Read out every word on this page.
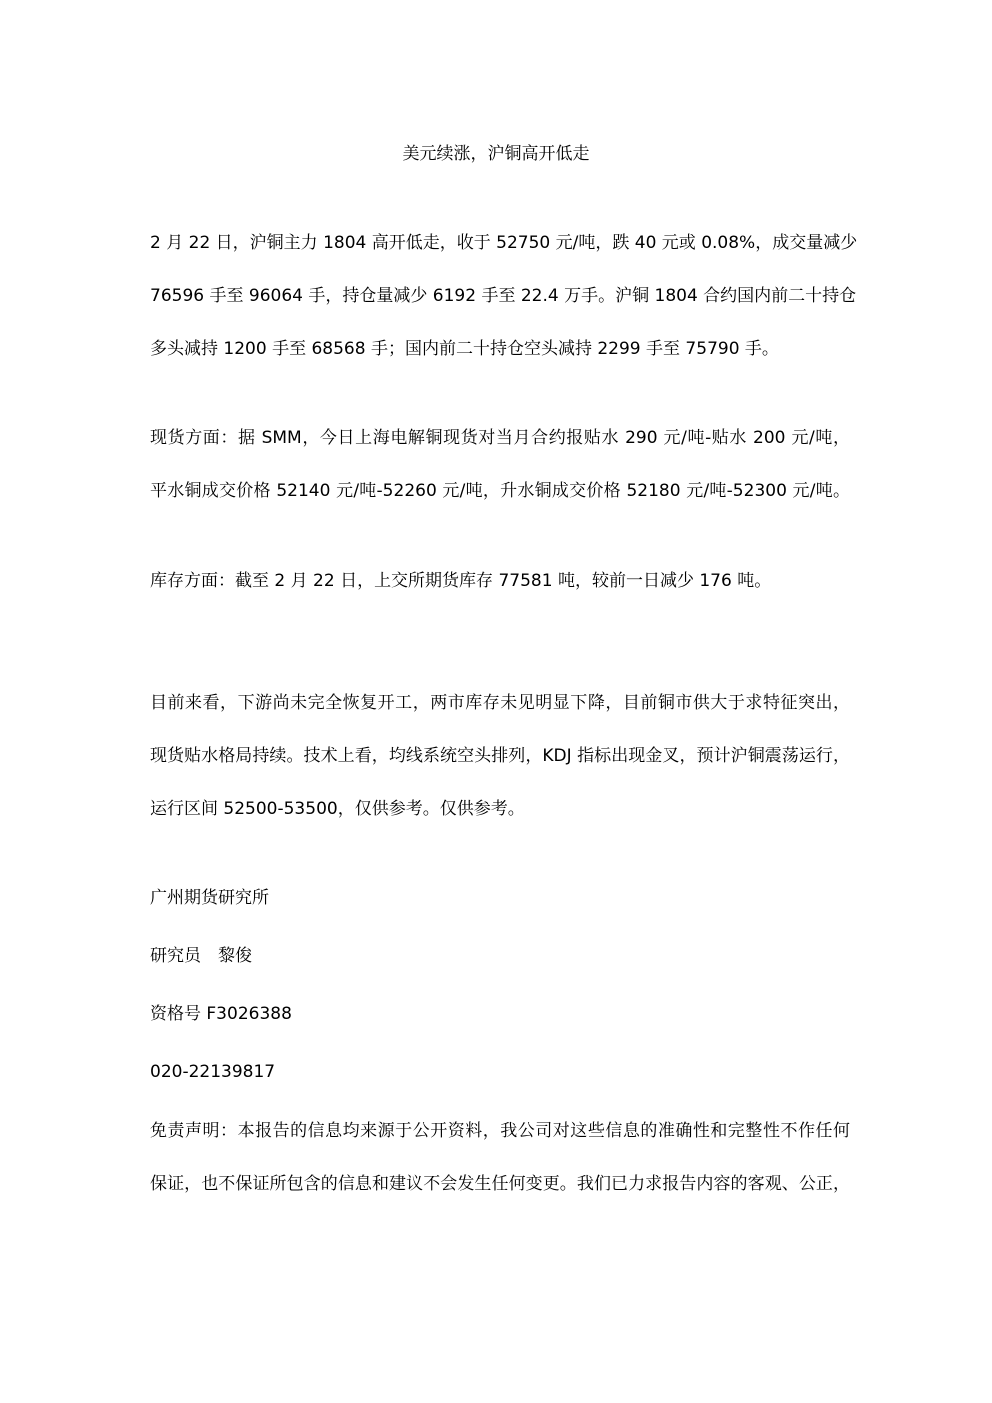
美元续涨，沪铜高开低走
2 月 22 日，沪铜主力 1804 高开低走，收于 52750 元/吨，跌 40 元或 0.08%，成交量减少
76596 手至 96064 手，持仓量减少 6192 手至 22.4 万手。沪铜 1804 合约国内前二十持仓
多头减持 1200 手至 68568 手；国内前二十持仓空头减持 2299 手至 75790 手。
现货方面：据 SMM，今日上海电解铜现货对当月合约报贴水 290 元/吨-贴水 200 元/吨，
平水铜成交价格 52140 元/吨-52260 元/吨，升水铜成交价格 52180 元/吨-52300 元/吨。
库存方面：截至 2 月 22 日，上交所期货库存 77581 吨，较前一日减少 176 吨。
目前来看，下游尚未完全恢复开工，两市库存未见明显下降，目前铜市供大于求特征突出，
现货贴水格局持续。技术上看，均线系统空头排列，KDJ 指标出现金叉，预计沪铜震荡运行，
运行区间 52500-53500，仅供参考。仅供参考。
广州期货研究所
研究员　黎俊
资格号 F3026388
020-22139817
免责声明：本报告的信息均来源于公开资料，我公司对这些信息的准确性和完整性不作任何
保证，也不保证所包含的信息和建议不会发生任何变更。我们已力求报告内容的客观、公正，
